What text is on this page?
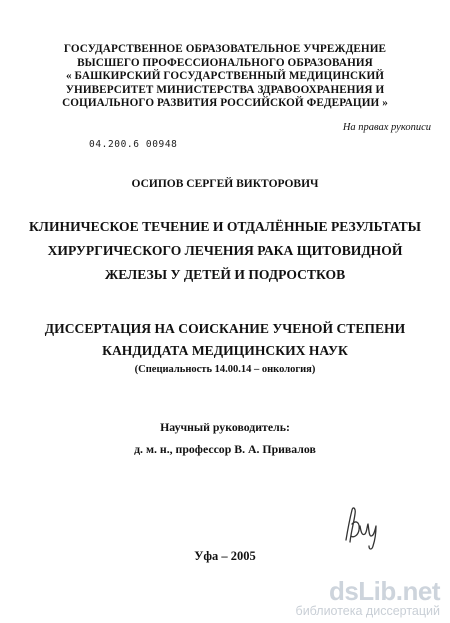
ГОСУДАРСТВЕННОЕ ОБРАЗОВАТЕЛЬНОЕ УЧРЕЖДЕНИЕ
ВЫСШЕГО ПРОФЕССИОНАЛЬНОГО ОБРАЗОВАНИЯ
« БАШКИРСКИЙ ГОСУДАРСТВЕННЫЙ МЕДИЦИНСКИЙ
УНИВЕРСИТЕТ МИНИСТЕРСТВА ЗДРАВООХРАНЕНИЯ И
СОЦИАЛЬНОГО РАЗВИТИЯ РОССИЙСКОЙ ФЕДЕРАЦИИ »
На правах рукописи
04.200.6 00948
ОСИПОВ СЕРГЕЙ ВИКТОРОВИЧ
КЛИНИЧЕСКОЕ ТЕЧЕНИЕ И ОТДАЛЁННЫЕ РЕЗУЛЬТАТЫ
ХИРУРГИЧЕСКОГО ЛЕЧЕНИЯ РАКА ЩИТОВИДНОЙ
ЖЕЛЕЗЫ У ДЕТЕЙ И ПОДРОСТКОВ
ДИССЕРТАЦИЯ НА СОИСКАНИЕ УЧЕНОЙ СТЕПЕНИ
КАНДИДАТА МЕДИЦИНСКИХ НАУК
(Специальность 14.00.14 – онкология)
Научный руководитель:
д. м. н., профессор В. А. Привалов
Уфа – 2005
dsLib.net
библиотека диссертаций
